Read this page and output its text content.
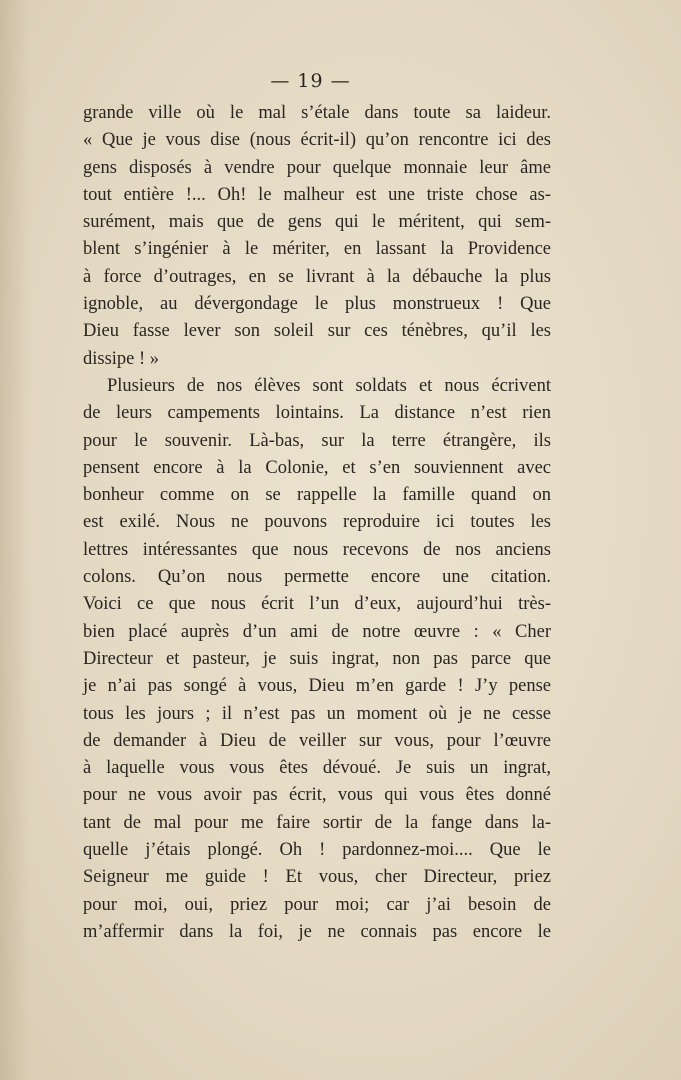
— 19 —
grande ville où le mal s’étale dans toute sa laideur.
« Que je vous dise (nous écrit-il) qu’on rencontre ici des
gens disposés à vendre pour quelque monnaie leur âme
tout entière !... Oh! le malheur est une triste chose as-
surément, mais que de gens qui le méritent, qui sem-
blent s’ingénier à le mériter, en lassant la Providence
à force d’outrages, en se livrant à la débauche la plus
ignoble, au dévergondage le plus monstrueux ! Que
Dieu fasse lever son soleil sur ces ténèbres, qu’il les
dissipe ! »
Plusieurs de nos élèves sont soldats et nous écrivent
de leurs campements lointains. La distance n’est rien
pour le souvenir. Là-bas, sur la terre étrangère, ils
pensent encore à la Colonie, et s’en souviennent avec
bonheur comme on se rappelle la famille quand on
est exilé. Nous ne pouvons reproduire ici toutes les
lettres intéressantes que nous recevons de nos anciens
colons. Qu’on nous permette encore une citation.
Voici ce que nous écrit l’un d’eux, aujourd’hui très-
bien placé auprès d’un ami de notre œuvre : « Cher
Directeur et pasteur, je suis ingrat, non pas parce que
je n’ai pas songé à vous, Dieu m’en garde ! J’y pense
tous les jours ; il n’est pas un moment où je ne cesse
de demander à Dieu de veiller sur vous, pour l’œuvre
à laquelle vous vous êtes dévoué. Je suis un ingrat,
pour ne vous avoir pas écrit, vous qui vous êtes donné
tant de mal pour me faire sortir de la fange dans la-
quelle j’étais plongé. Oh ! pardonnez-moi.... Que le
Seigneur me guide ! Et vous, cher Directeur, priez
pour moi, oui, priez pour moi; car j’ai besoin de
m’affermir dans la foi, je ne connais pas encore le
